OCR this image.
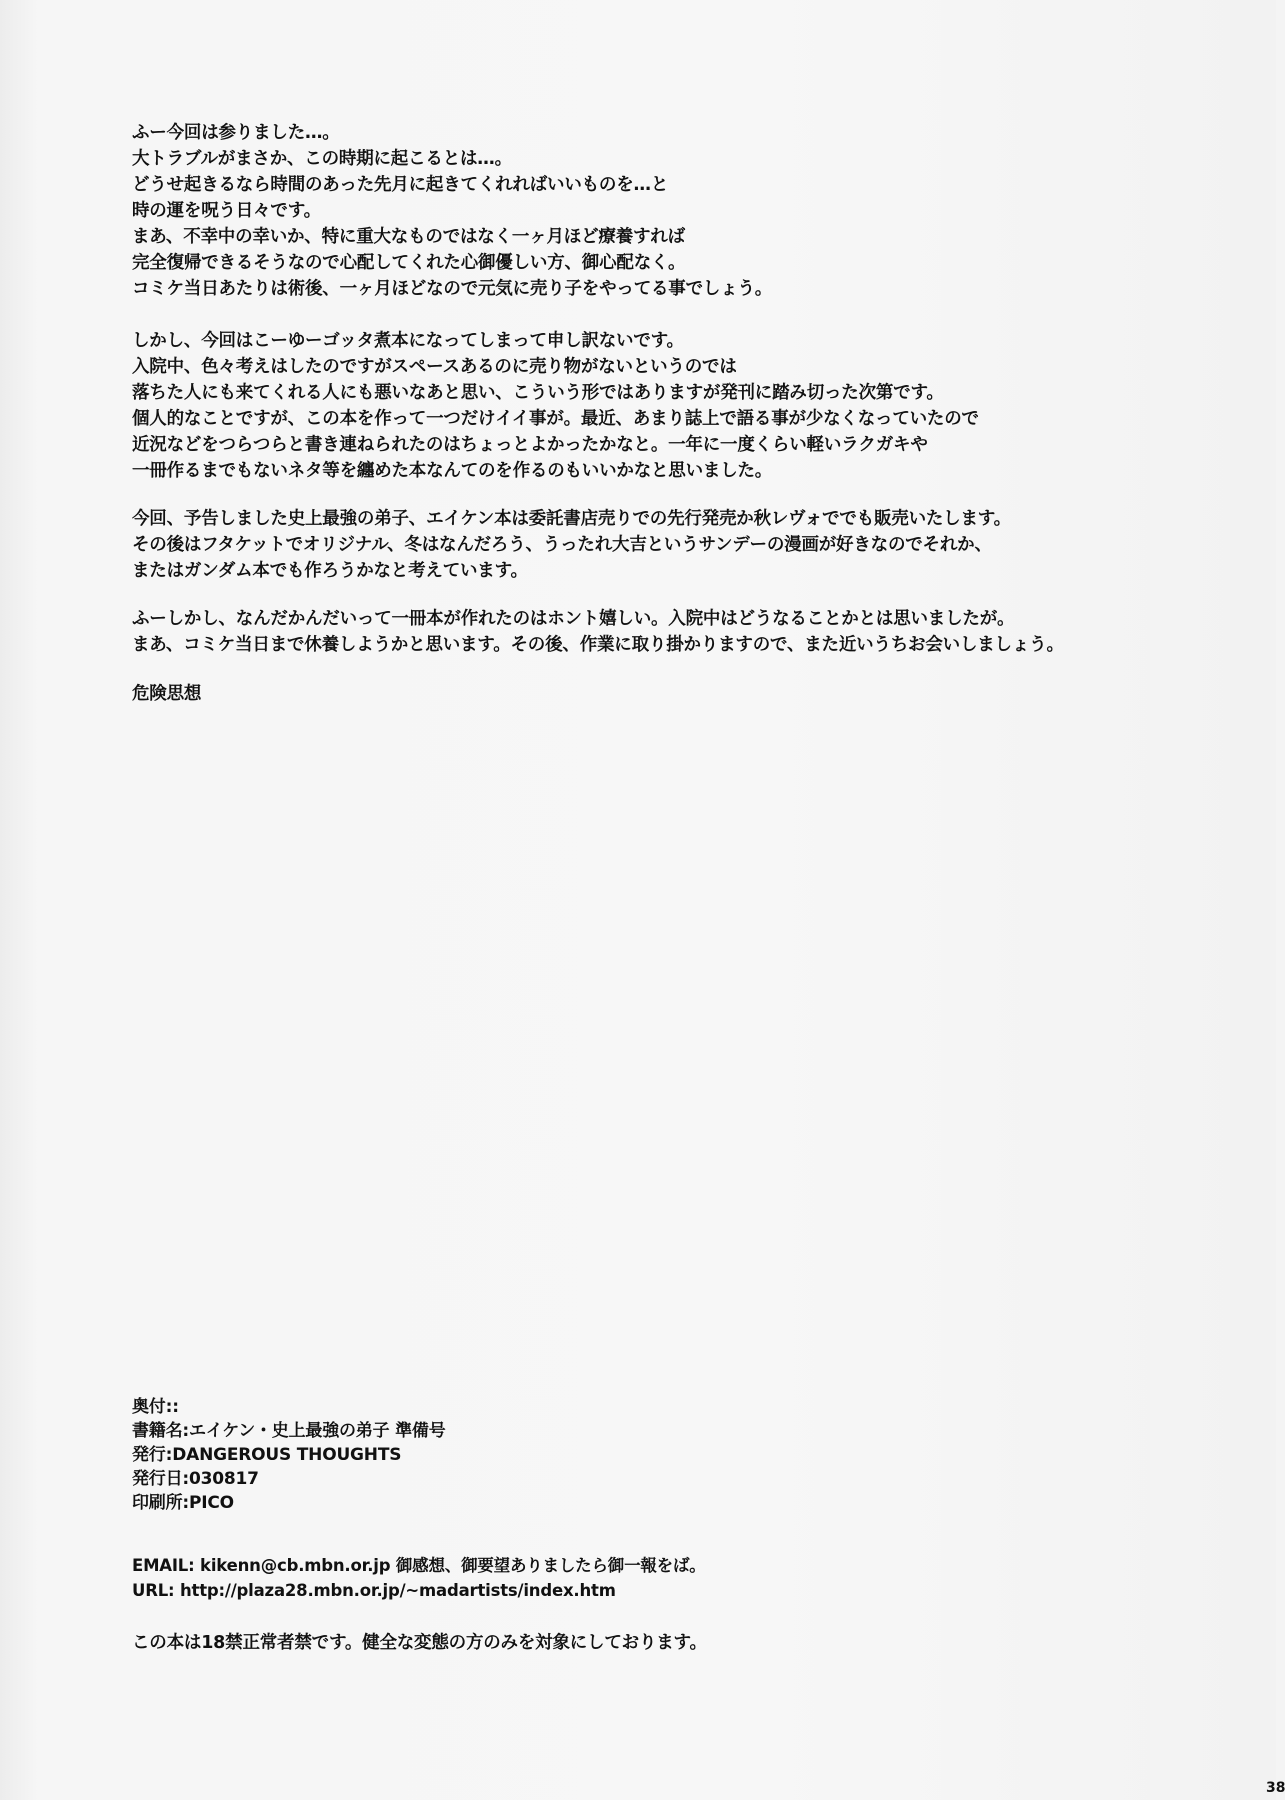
ふー今回は参りました…。
大トラブルがまさか、この時期に起こるとは…。
どうせ起きるなら時間のあった先月に起きてくれればいいものを…と
時の運を呪う日々です。
まあ、不幸中の幸いか、特に重大なものではなく一ヶ月ほど療養すれば
完全復帰できるそうなので心配してくれた心御優しい方、御心配なく。
コミケ当日あたりは術後、一ヶ月ほどなので元気に売り子をやってる事でしょう。
しかし、今回はこーゆーゴッタ煮本になってしまって申し訳ないです。
入院中、色々考えはしたのですがスペースあるのに売り物がないというのでは
落ちた人にも来てくれる人にも悪いなあと思い、こういう形ではありますが発刊に踏み切った次第です。
個人的なことですが、この本を作って一つだけイイ事が。最近、あまり誌上で語る事が少なくなっていたので
近況などをつらつらと書き連ねられたのはちょっとよかったかなと。一年に一度くらい軽いラクガキや
一冊作るまでもないネタ等を纏めた本なんてのを作るのもいいかなと思いました。
今回、予告しました史上最強の弟子、エイケン本は委託書店売りでの先行発売か秋レヴォででも販売いたします。
その後はフタケットでオリジナル、冬はなんだろう、うったれ大吉というサンデーの漫画が好きなのでそれか、
またはガンダム本でも作ろうかなと考えています。
ふーしかし、なんだかんだいって一冊本が作れたのはホント嬉しい。入院中はどうなることかとは思いましたが。
まあ、コミケ当日まで休養しようかと思います。その後、作業に取り掛かりますので、また近いうちお会いしましょう。
危険思想
奥付::
書籍名:エイケン・史上最強の弟子 準備号
発行:DANGEROUS THOUGHTS
発行日:030817
印刷所:PICO
EMAIL: kikenn@cb.mbn.or.jp 御感想、御要望ありましたら御一報をば。
URL: http://plaza28.mbn.or.jp/~madartists/index.htm
この本は18禁正常者禁です。健全な変態の方のみを対象にしております。
38
